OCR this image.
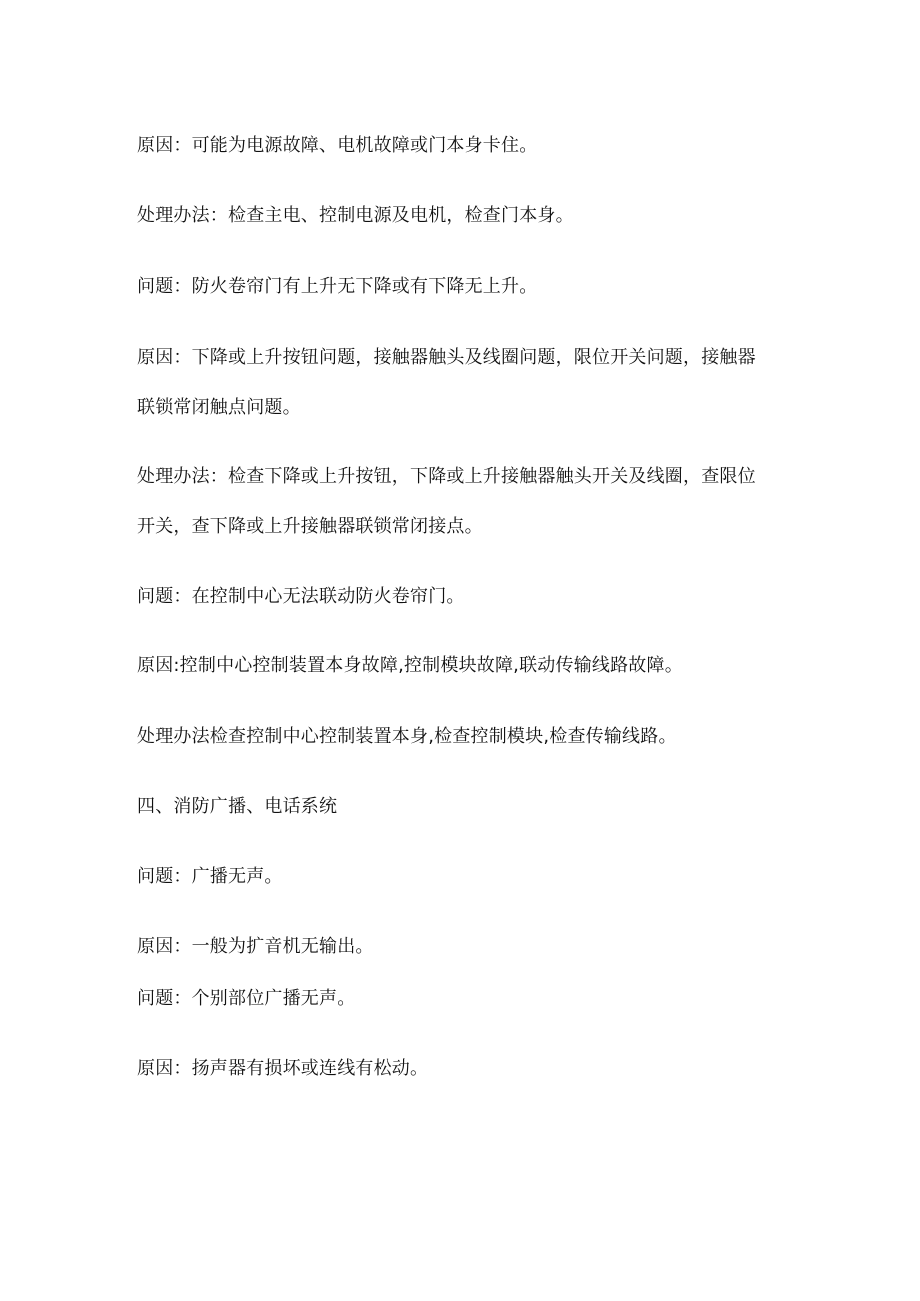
原因：可能为电源故障、电机故障或门本身卡住。
处理办法：检查主电、控制电源及电机，检查门本身。
问题：防火卷帘门有上升无下降或有下降无上升。
原因：下降或上升按钮问题，接触器触头及线圈问题，限位开关问题，接触器
联锁常闭触点问题。
处理办法：检查下降或上升按钮，下降或上升接触器触头开关及线圈，查限位
开关，查下降或上升接触器联锁常闭接点。
问题：在控制中心无法联动防火卷帘门。
原因:控制中心控制装置本身故障,控制模块故障,联动传输线路故障。
处理办法检查控制中心控制装置本身,检查控制模块,检查传输线路。
四、消防广播、电话系统
问题：广播无声。
原因：一般为扩音机无输出。
问题：个别部位广播无声。
原因：扬声器有损坏或连线有松动。
